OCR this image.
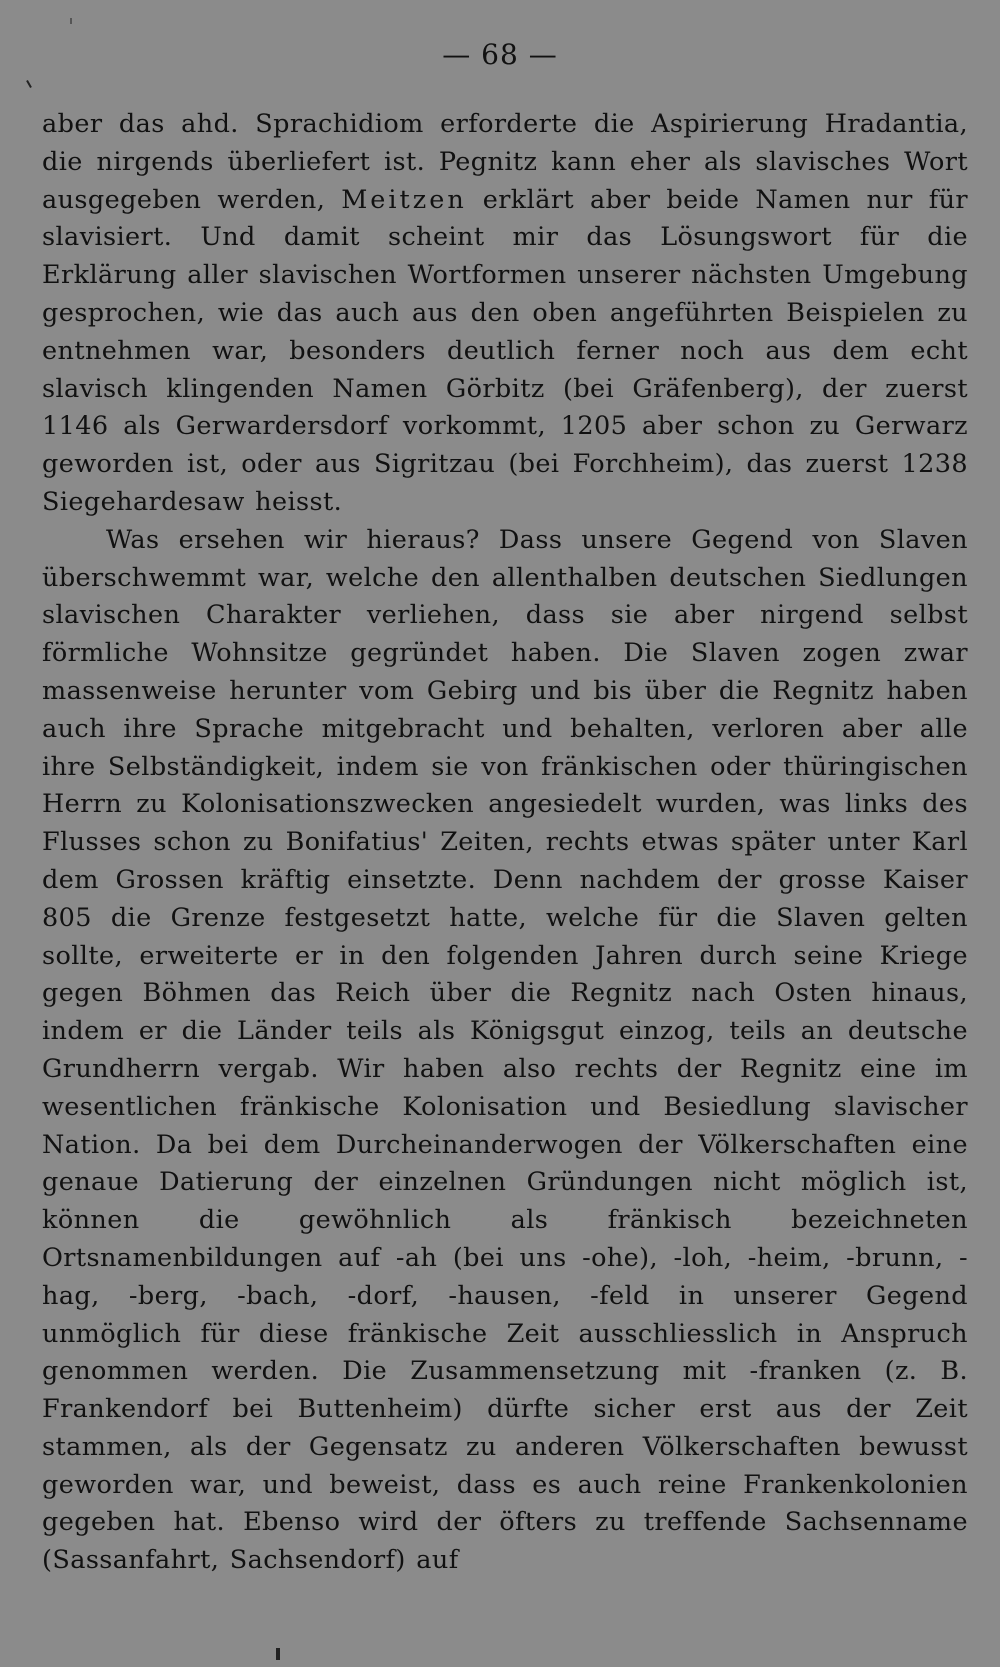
— 68 —

aber das ahd. Sprachidiom erforderte die Aspirierung Hradantia, die nirgends überliefert ist. Pegnitz kann eher als slavisches Wort ausgegeben werden, Meitzen erklärt aber beide Namen nur für slavisiert. Und damit scheint mir das Lösungswort für die Erklärung aller slavischen Wortformen unserer nächsten Umgebung gesprochen, wie das auch aus den oben angeführten Beispielen zu entnehmen war, besonders deutlich ferner noch aus dem echt slavisch klingenden Namen Görbitz (bei Gräfenberg), der zuerst 1146 als Gerwardersdorf vorkommt, 1205 aber schon zu Gerwarz geworden ist, oder aus Sigritzau (bei Forchheim), das zuerst 1238 Siegehardesaw heisst.

Was ersehen wir hieraus? Dass unsere Gegend von Slaven überschwemmt war, welche den allenthalben deutschen Siedlungen slavischen Charakter verliehen, dass sie aber nirgend selbst förmliche Wohnsitze gegründet haben. Die Slaven zogen zwar massenweise herunter vom Gebirg und bis über die Regnitz haben auch ihre Sprache mitgebracht und behalten, verloren aber alle ihre Selbständigkeit, indem sie von fränkischen oder thüringischen Herrn zu Kolonisationszwecken angesiedelt wurden, was links des Flusses schon zu Bonifatius' Zeiten, rechts etwas später unter Karl dem Grossen kräftig einsetzte. Denn nachdem der grosse Kaiser 805 die Grenze festgesetzt hatte, welche für die Slaven gelten sollte, erweiterte er in den folgenden Jahren durch seine Kriege gegen Böhmen das Reich über die Regnitz nach Osten hinaus, indem er die Länder teils als Königsgut einzog, teils an deutsche Grundherrn vergab. Wir haben also rechts der Regnitz eine im wesentlichen fränkische Kolonisation und Besiedlung slavischer Nation. Da bei dem Durcheinanderwogen der Völkerschaften eine genaue Datierung der einzelnen Gründungen nicht möglich ist, können die gewöhnlich als fränkisch bezeichneten Ortsnamenbildungen auf -ah (bei uns -ohe), -loh, -heim, -brunn, -hag, -berg, -bach, -dorf, -hausen, -feld in unserer Gegend unmöglich für diese fränkische Zeit ausschliesslich in Anspruch genommen werden. Die Zusammensetzung mit -franken (z. B. Frankendorf bei Buttenheim) dürfte sicher erst aus der Zeit stammen, als der Gegensatz zu anderen Völkerschaften bewusst geworden war, und beweist, dass es auch reine Frankenkolonien gegeben hat. Ebenso wird der öfters zu treffende Sachsenname (Sassanfahrt, Sachsendorf) auf
